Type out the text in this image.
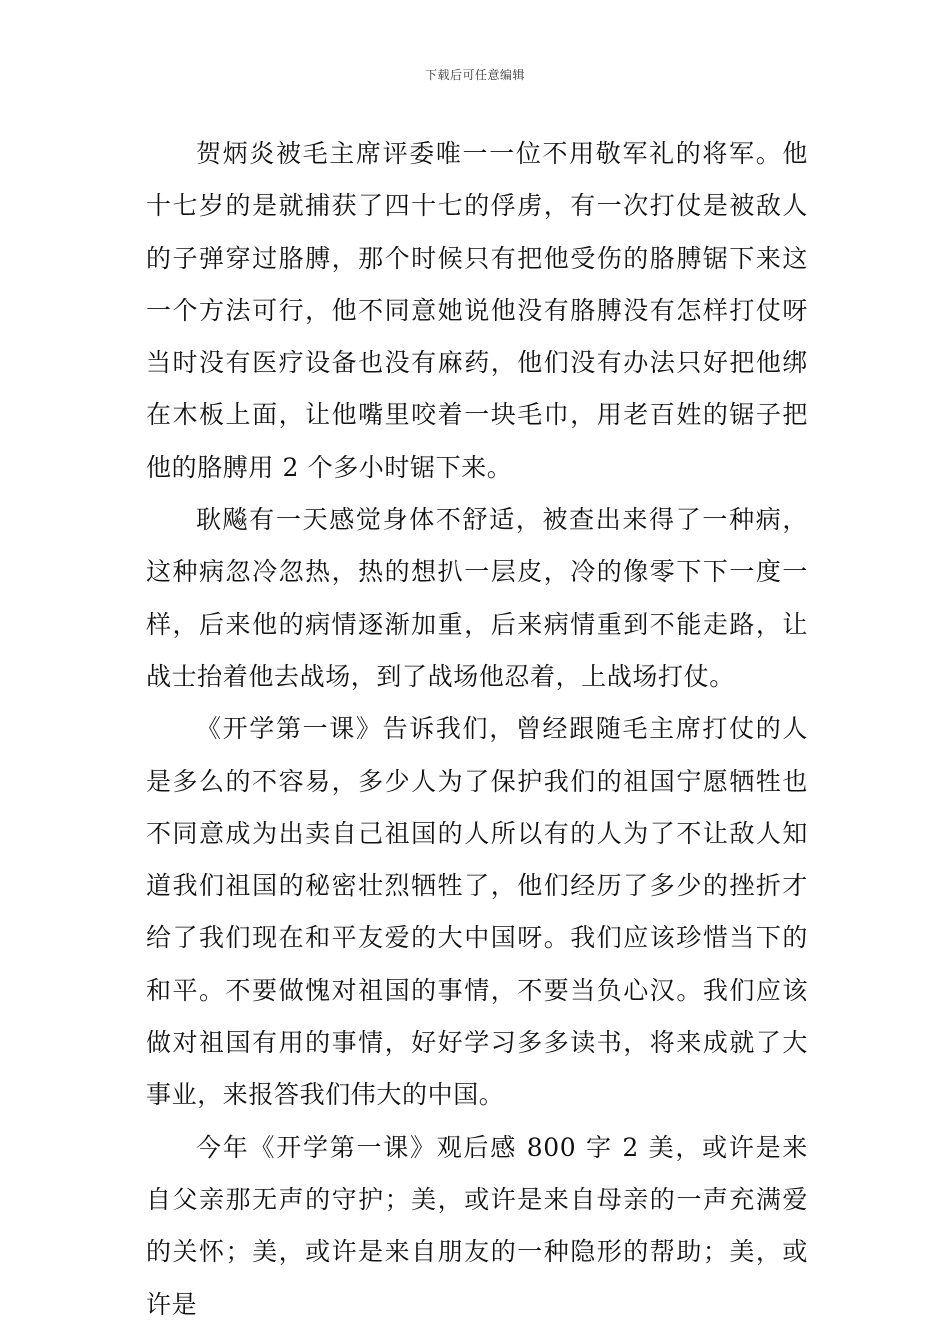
下载后可任意编辑

贺炳炎被毛主席评委唯一一位不用敬军礼的将军。他十七岁的是就捕获了四十七的俘虏，有一次打仗是被敌人的子弹穿过胳膊，那个时候只有把他受伤的胳膊锯下来这一个方法可行，他不同意她说他没有胳膊没有怎样打仗呀当时没有医疗设备也没有麻药，他们没有办法只好把他绑在木板上面，让他嘴里咬着一块毛巾，用老百姓的锯子把他的胳膊用 2 个多小时锯下来。

耿飚有一天感觉身体不舒适，被查出来得了一种病，这种病忽冷忽热，热的想扒一层皮，冷的像零下下一度一样，后来他的病情逐渐加重，后来病情重到不能走路，让战士抬着他去战场，到了战场他忍着，上战场打仗。

《开学第一课》告诉我们，曾经跟随毛主席打仗的人是多么的不容易，多少人为了保护我们的祖国宁愿牺牲也不同意成为出卖自己祖国的人所以有的人为了不让敌人知道我们祖国的秘密壮烈牺牲了，他们经历了多少的挫折才给了我们现在和平友爱的大中国呀。我们应该珍惜当下的和平。不要做愧对祖国的事情，不要当负心汉。我们应该做对祖国有用的事情，好好学习多多读书，将来成就了大事业，来报答我们伟大的中国。

今年《开学第一课》观后感 800 字 2 美，或许是来自父亲那无声的守护；美，或许是来自母亲的一声充满爱的关怀；美，或许是来自朋友的一种隐形的帮助；美，或许是
